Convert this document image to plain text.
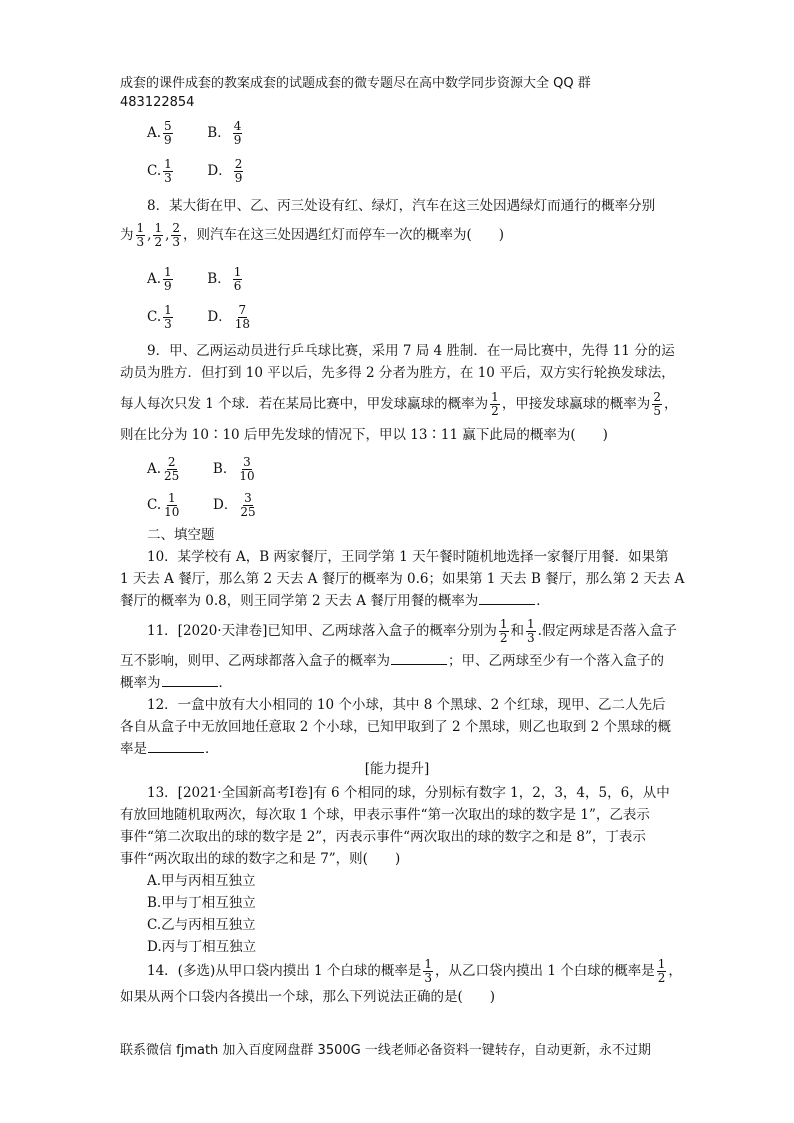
成套的课件成套的教案成套的试题成套的微专题尽在高中数学同步资源大全 QQ 群
483122854
A. $\frac{5}{9}$	B． $\frac{4}{9}$
C. $\frac{1}{3}$	D． $\frac{2}{9}$
8．某大街在甲、乙、丙三处设有红、绿灯，汽车在这三处因遇绿灯而通行的概率分别
为 $\frac{1}{3}$ , $\frac{1}{2}$ , $\frac{2}{3}$ ，则汽车在这三处因遇红灯而停车一次的概率为(　　)
A. $\frac{1}{9}$	B． $\frac{1}{6}$
C. $\frac{1}{3}$	D． $\frac{7}{18}$
9．甲、乙两运动员进行乒乓球比赛，采用 7 局 4 胜制．在一局比赛中，先得 11 分的运
动员为胜方．但打到 10 平以后，先多得 2 分者为胜方，在 10 平后，双方实行轮换发球法，
每人每次只发 1 个球．若在某局比赛中，甲发球赢球的概率为 $\frac{1}{2}$ ，甲接发球赢球的概率为 $\frac{2}{5}$ ，
则在比分为 10∶10 后甲先发球的情况下，甲以 13∶11 赢下此局的概率为(　　)
A. $\frac{2}{25}$ B． $\frac{3}{10}$
C. $\frac{1}{10}$ D． $\frac{3}{25}$
二、填空题
10．某学校有 A，B 两家餐厅，王同学第 1 天午餐时随机地选择一家餐厅用餐．如果第
1 天去 A 餐厅，那么第 2 天去 A 餐厅的概率为 0.6；如果第 1 天去 B 餐厅，那么第 2 天去 A
餐厅的概率为 0.8，则王同学第 2 天去 A 餐厅用餐的概率为	．
11．[2020·天津卷]已知甲、乙两球落入盒子的概率分别为 $\frac{1}{2}$ 和 $\frac{1}{3}$ .假定两球是否落入盒子
互不影响，则甲、乙两球都落入盒子的概率为	；甲、乙两球至少有一个落入盒子的
概率为	．
12．一盒中放有大小相同的 10 个小球，其中 8 个黑球、2 个红球，现甲、乙二人先后
各自从盒子中无放回地任意取 2 个小球，已知甲取到了 2 个黑球，则乙也取到 2 个黑球的概
率是	．
[能力提升]
13．[2021·全国新高考Ⅰ卷]有 6 个相同的球，分别标有数字 1，2，3，4，5，6，从中
有放回地随机取两次，每次取 1 个球，甲表示事件“第一次取出的球的数字是 1”，乙表示
事件“第二次取出的球的数字是 2”，丙表示事件“两次取出的球的数字之和是 8”，丁表示
事件“两次取出的球的数字之和是 7”，则(　　)
A.甲与丙相互独立
B.甲与丁相互独立
C.乙与丙相互独立
D.丙与丁相互独立
14．(多选)从甲口袋内摸出 1 个白球的概率是 $\frac{1}{3}$ ，从乙口袋内摸出 1 个白球的概率是 $\frac{1}{2}$ ，
如果从两个口袋内各摸出一个球，那么下列说法正确的是(　　)
联系微信 fjmath 加入百度网盘群 3500G 一线老师必备资料一键转存，自动更新，永不过期
